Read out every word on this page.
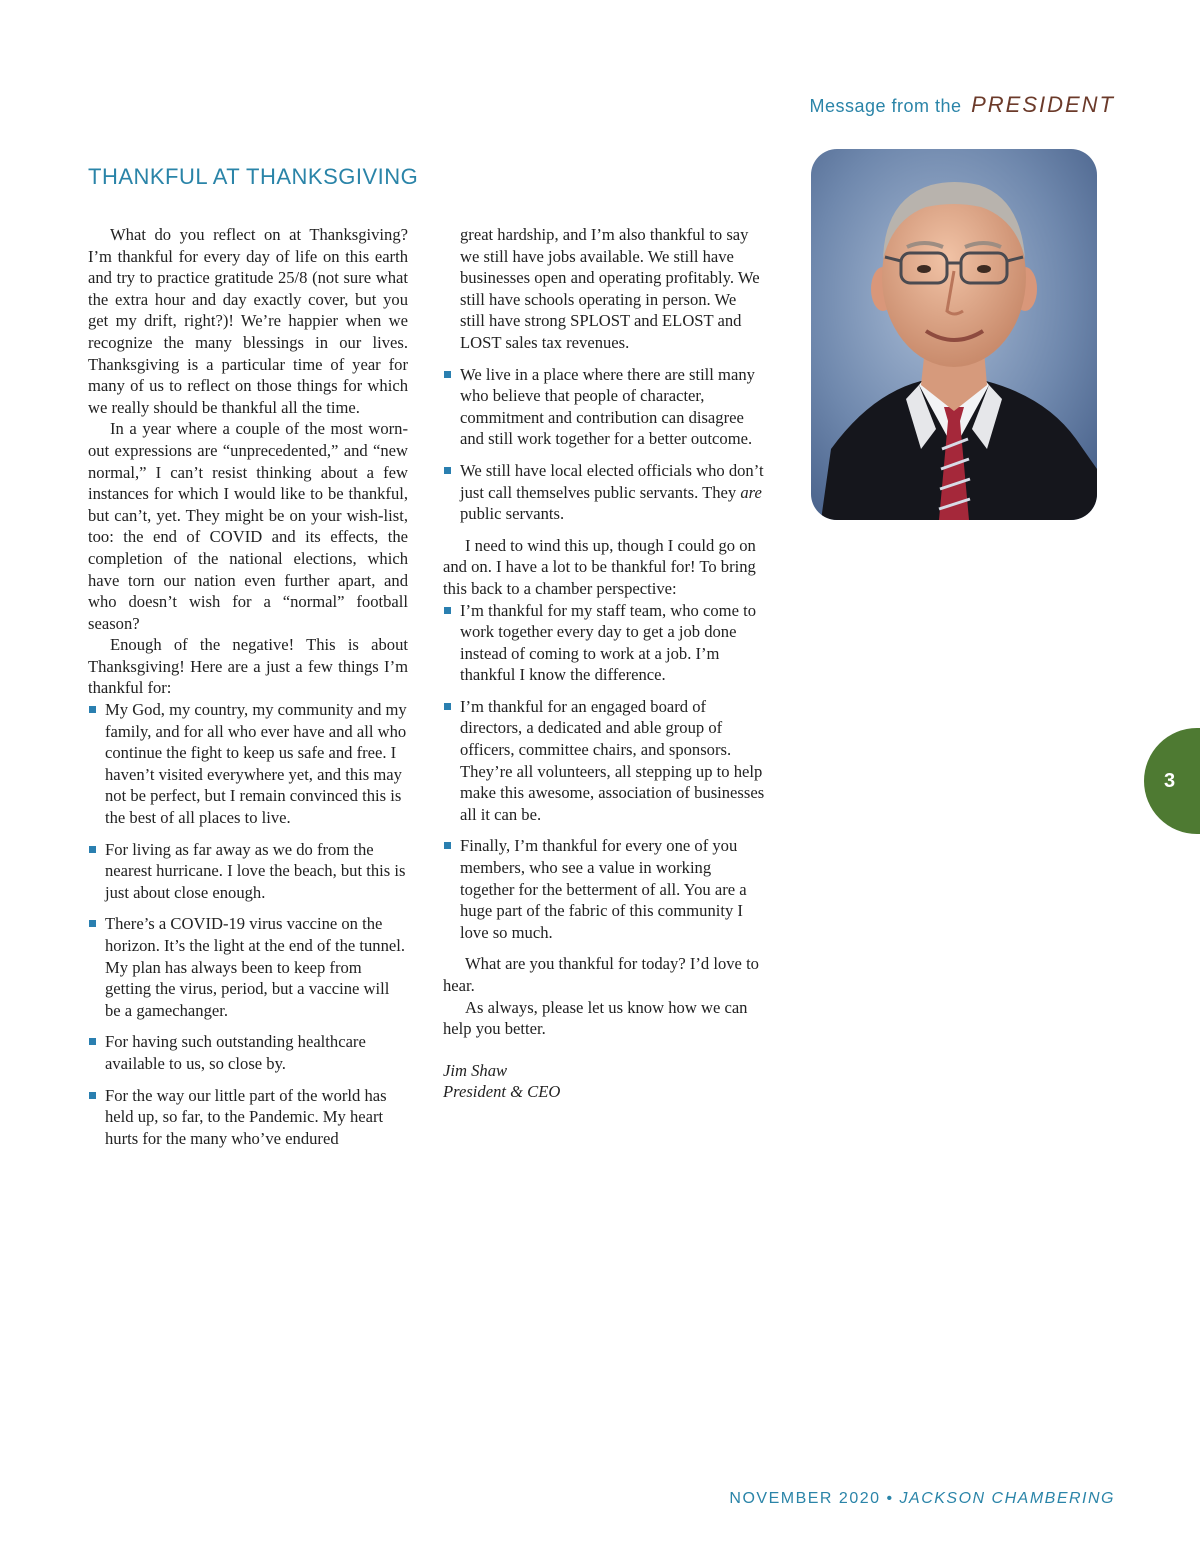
Message from the PRESIDENT
THANKFUL AT THANKSGIVING

What do you reflect on at Thanksgiving? I’m thankful for every day of life on this earth and try to practice gratitude 25/8 (not sure what the extra hour and day exactly cover, but you get my drift, right?)! We’re happier when we recognize the many blessings in our lives. Thanksgiving is a particular time of year for many of us to reflect on those things for which we really should be thankful all the time.

In a year where a couple of the most worn-out expressions are “unprecedented,” and “new normal,” I can’t resist thinking about a few instances for which I would like to be thankful, but can’t, yet. They might be on your wish-list, too: the end of COVID and its effects, the completion of the national elections, which have torn our nation even further apart, and who doesn’t wish for a “normal” football season?

Enough of the negative! This is about Thanksgiving! Here are a just a few things I’m thankful for:

My God, my country, my community and my family, and for all who ever have and all who continue the fight to keep us safe and free. I haven’t visited everywhere yet, and this may not be perfect, but I remain convinced this is the best of all places to live.
For living as far away as we do from the nearest hurricane. I love the beach, but this is just about close enough.
There’s a COVID-19 virus vaccine on the horizon. It’s the light at the end of the tunnel. My plan has always been to keep from getting the virus, period, but a vaccine will be a gamechanger.
For having such outstanding healthcare available to us, so close by.
For the way our little part of the world has held up, so far, to the Pandemic. My heart hurts for the many who’ve endured

great hardship, and I’m also thankful to say we still have jobs available. We still have businesses open and operating profitably. We still have schools operating in person. We still have strong SPLOST and ELOST and LOST sales tax revenues.

We live in a place where there are still many who believe that people of character, commitment and contribution can disagree and still work together for a better outcome.
We still have local elected officials who don’t just call themselves public servants. They are public servants.

I need to wind this up, though I could go on and on. I have a lot to be thankful for! To bring this back to a chamber perspective:

I’m thankful for my staff team, who come to work together every day to get a job done instead of coming to work at a job. I’m thankful I know the difference.
I’m thankful for an engaged board of directors, a dedicated and able group of officers, committee chairs, and sponsors. They’re all volunteers, all stepping up to help make this awesome, association of businesses all it can be.
Finally, I’m thankful for every one of you members, who see a value in working together for the betterment of all. You are a huge part of the fabric of this community I love so much.

What are you thankful for today? I’d love to hear.

As always, please let us know how we can help you better.

Jim Shaw
President & CEO
3
NOVEMBER 2020 • JACKSON CHAMBERING
